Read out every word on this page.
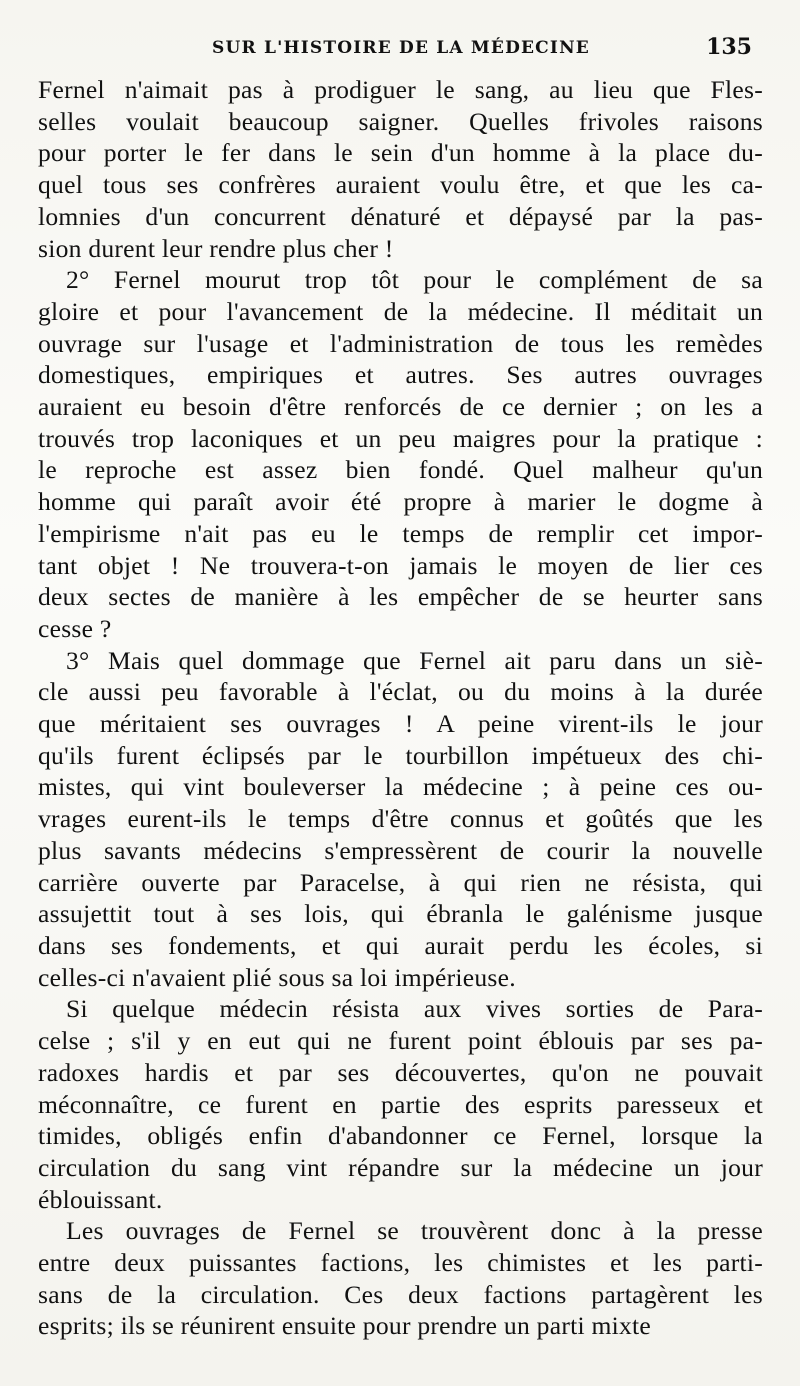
SUR L'HISTOIRE DE LA MÉDECINE	135
Fernel n'aimait pas à prodiguer le sang, au lieu que Fles-
selles voulait beaucoup saigner. Quelles frivoles raisons
pour porter le fer dans le sein d'un homme à la place du-
quel tous ses confrères auraient voulu être, et que les ca-
lomnies d'un concurrent dénaturé et dépaysé par la pas-
sion durent leur rendre plus cher !
2° Fernel mourut trop tôt pour le complément de sa
gloire et pour l'avancement de la médecine. Il méditait un
ouvrage sur l'usage et l'administration de tous les remèdes
domestiques, empiriques et autres. Ses autres ouvrages
auraient eu besoin d'être renforcés de ce dernier ; on les a
trouvés trop laconiques et un peu maigres pour la pratique :
le reproche est assez bien fondé. Quel malheur qu'un
homme qui paraît avoir été propre à marier le dogme à
l'empirisme n'ait pas eu le temps de remplir cet impor-
tant objet ! Ne trouvera-t-on jamais le moyen de lier ces
deux sectes de manière à les empêcher de se heurter sans
cesse ?
3° Mais quel dommage que Fernel ait paru dans un siè-
cle aussi peu favorable à l'éclat, ou du moins à la durée
que méritaient ses ouvrages ! A peine virent-ils le jour
qu'ils furent éclipsés par le tourbillon impétueux des chi-
mistes, qui vint bouleverser la médecine ; à peine ces ou-
vrages eurent-ils le temps d'être connus et goûtés que les
plus savants médecins s'empressèrent de courir la nouvelle
carrière ouverte par Paracelse, à qui rien ne résista, qui
assujettit tout à ses lois, qui ébranla le galénisme jusque
dans ses fondements, et qui aurait perdu les écoles, si
celles-ci n'avaient plié sous sa loi impérieuse.
Si quelque médecin résista aux vives sorties de Para-
celse ; s'il y en eut qui ne furent point éblouis par ses pa-
radoxes hardis et par ses découvertes, qu'on ne pouvait
méconnaître, ce furent en partie des esprits paresseux et
timides, obligés enfin d'abandonner ce Fernel, lorsque la
circulation du sang vint répandre sur la médecine un jour
éblouissant.
Les ouvrages de Fernel se trouvèrent donc à la presse
entre deux puissantes factions, les chimistes et les parti-
sans de la circulation. Ces deux factions partagèrent les
esprits; ils se réunirent ensuite pour prendre un parti mixte
